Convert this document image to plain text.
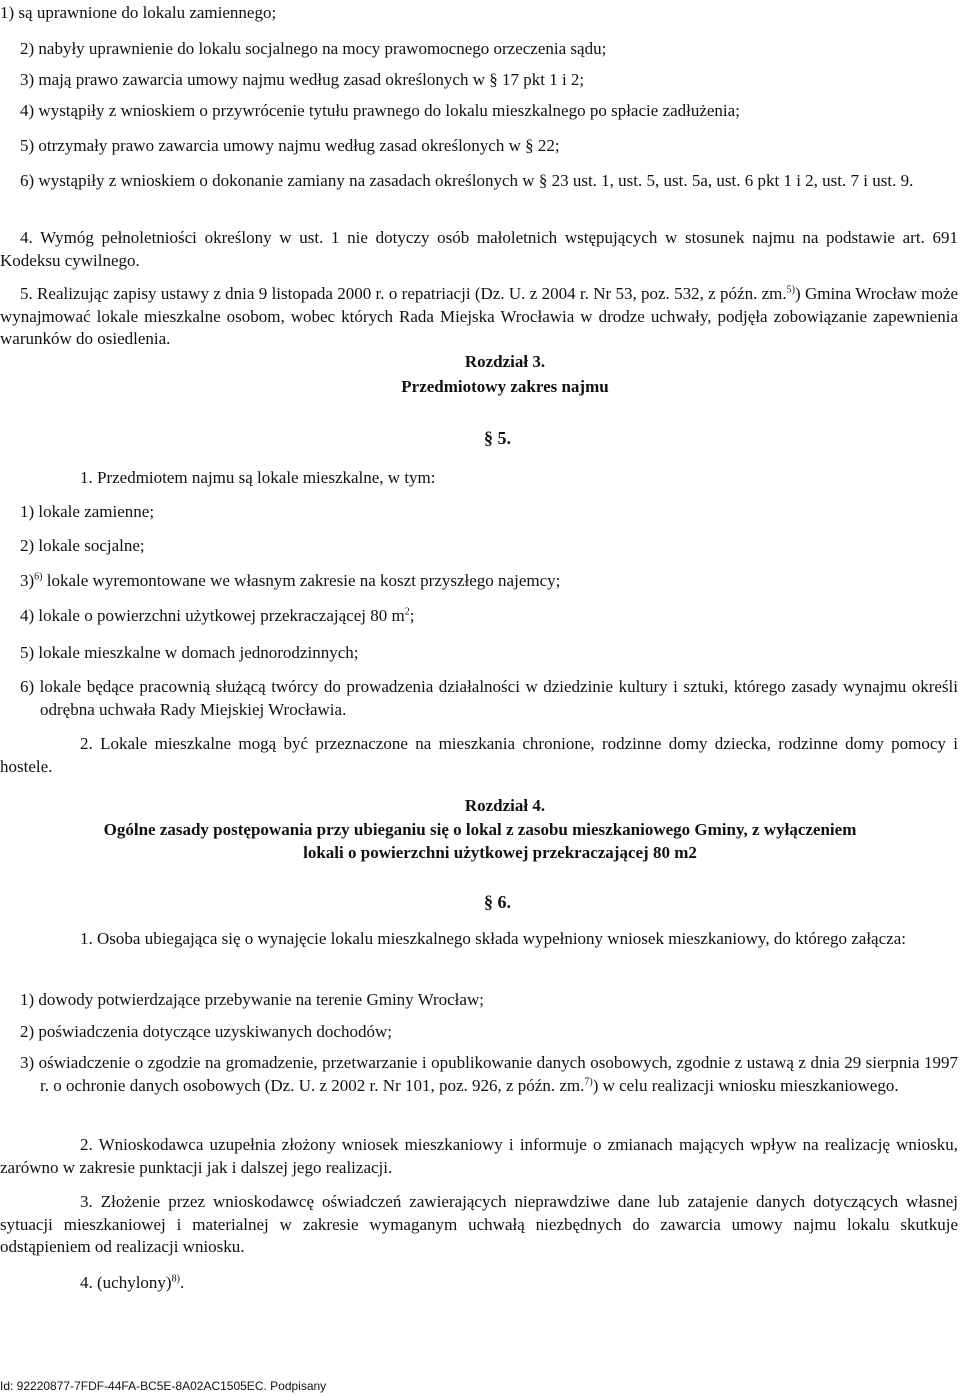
1) są uprawnione do lokalu zamiennego;
2) nabyły uprawnienie do lokalu socjalnego na mocy prawomocnego orzeczenia sądu;
3) mają prawo zawarcia umowy najmu według zasad określonych w § 17 pkt 1 i 2;
4) wystąpiły z wnioskiem o przywrócenie tytułu prawnego do lokalu mieszkalnego po spłacie zadłużenia;
5) otrzymały prawo zawarcia umowy najmu według zasad określonych w § 22;
6) wystąpiły z wnioskiem o dokonanie zamiany na zasadach określonych w § 23 ust. 1, ust. 5, ust. 5a, ust. 6 pkt 1 i 2, ust. 7 i ust. 9.
4. Wymóg pełnoletniości określony w ust. 1 nie dotyczy osób małoletnich wstępujących w stosunek najmu na podstawie art. 691 Kodeksu cywilnego.
5. Realizując zapisy ustawy z dnia 9 listopada 2000 r. o repatriacji (Dz. U. z 2004 r. Nr 53, poz. 532, z późn. zm.$^{5)}$) Gmina Wrocław może wynajmować lokale mieszkalne osobom, wobec których Rada Miejska Wrocławia w drodze uchwały, podjęła zobowiązanie zapewnienia warunków do osiedlenia.
Rozdział 3.
Przedmiotowy zakres najmu
§ 5.
1. Przedmiotem najmu są lokale mieszkalne, w tym:
1) lokale zamienne;
2) lokale socjalne;
3)$^{6)}$ lokale wyremontowane we własnym zakresie na koszt przyszłego najemcy;
4) lokale o powierzchni użytkowej przekraczającej 80 $m^2$;
5) lokale mieszkalne w domach jednorodzinnych;
6) lokale będące pracownią służącą twórcy do prowadzenia działalności w dziedzinie kultury i sztuki, którego zasady wynajmu określi odrębna uchwała Rady Miejskiej Wrocławia.
2. Lokale mieszkalne mogą być przeznaczone na mieszkania chronione, rodzinne domy dziecka, rodzinne domy pomocy i hostele.
Rozdział 4.
Ogólne zasady postępowania przy ubieganiu się o lokal z zasobu mieszkaniowego Gminy, z wyłączeniem
lokali o powierzchni użytkowej przekraczającej 80 m2
§ 6.
1. Osoba ubiegająca się o wynajęcie lokalu mieszkalnego składa wypełniony wniosek mieszkaniowy, do którego załącza:
1) dowody potwierdzające przebywanie na terenie Gminy Wrocław;
2) poświadczenia dotyczące uzyskiwanych dochodów;
3) oświadczenie o zgodzie na gromadzenie, przetwarzanie i opublikowanie danych osobowych, zgodnie z ustawą z dnia 29 sierpnia 1997 r. o ochronie danych osobowych (Dz. U. z 2002 r. Nr 101, poz. 926, z późn. zm.$^{7)}$) w celu realizacji wniosku mieszkaniowego.
2. Wnioskodawca uzupełnia złożony wniosek mieszkaniowy i informuje o zmianach mających wpływ na realizację wniosku, zarówno w zakresie punktacji jak i dalszej jego realizacji.
3. Złożenie przez wnioskodawcę oświadczeń zawierających nieprawdziwe dane lub zatajenie danych dotyczących własnej sytuacji mieszkaniowej i materialnej w zakresie wymaganym uchwałą niezbędnych do zawarcia umowy najmu lokalu skutkuje odstąpieniem od realizacji wniosku.
4. (uchylony)$^{8)}$.
Id: 92220877-7FDF-44FA-BC5E-8A02AC1505EC. Podpisany
